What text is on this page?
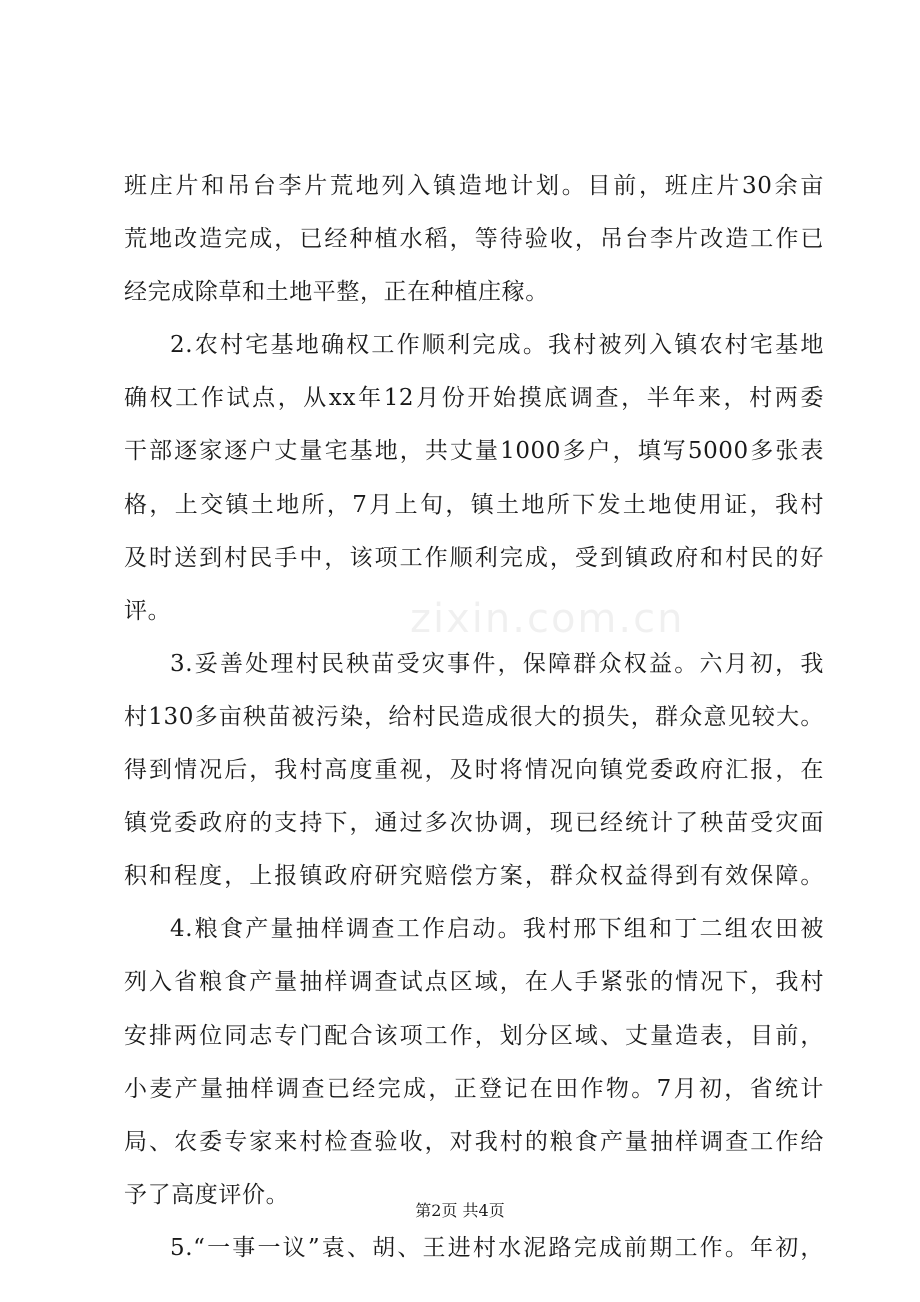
班庄片和吊台李片荒地列入镇造地计划。目前，班庄片30余亩
荒地改造完成，已经种植水稻，等待验收，吊台李片改造工作已
经完成除草和土地平整，正在种植庄稼。
2.农村宅基地确权工作顺利完成。我村被列入镇农村宅基地
确权工作试点，从xx年12月份开始摸底调查，半年来，村两委
干部逐家逐户丈量宅基地，共丈量1000多户，填写5000多张表
格，上交镇土地所，7月上旬，镇土地所下发土地使用证，我村
及时送到村民手中，该项工作顺利完成，受到镇政府和村民的好
评。
3.妥善处理村民秧苗受灾事件，保障群众权益。六月初，我
村130多亩秧苗被污染，给村民造成很大的损失，群众意见较大。
得到情况后，我村高度重视，及时将情况向镇党委政府汇报，在
镇党委政府的支持下，通过多次协调，现已经统计了秧苗受灾面
积和程度，上报镇政府研究赔偿方案，群众权益得到有效保障。
4.粮食产量抽样调查工作启动。我村邢下组和丁二组农田被
列入省粮食产量抽样调查试点区域，在人手紧张的情况下，我村
安排两位同志专门配合该项工作，划分区域、丈量造表，目前，
小麦产量抽样调查已经完成，正登记在田作物。7月初，省统计
局、农委专家来村检查验收，对我村的粮食产量抽样调查工作给
予了高度评价。
5.“一事一议”袁、胡、王进村水泥路完成前期工作。年初，
zixin.com.cn
第2页 共4页
